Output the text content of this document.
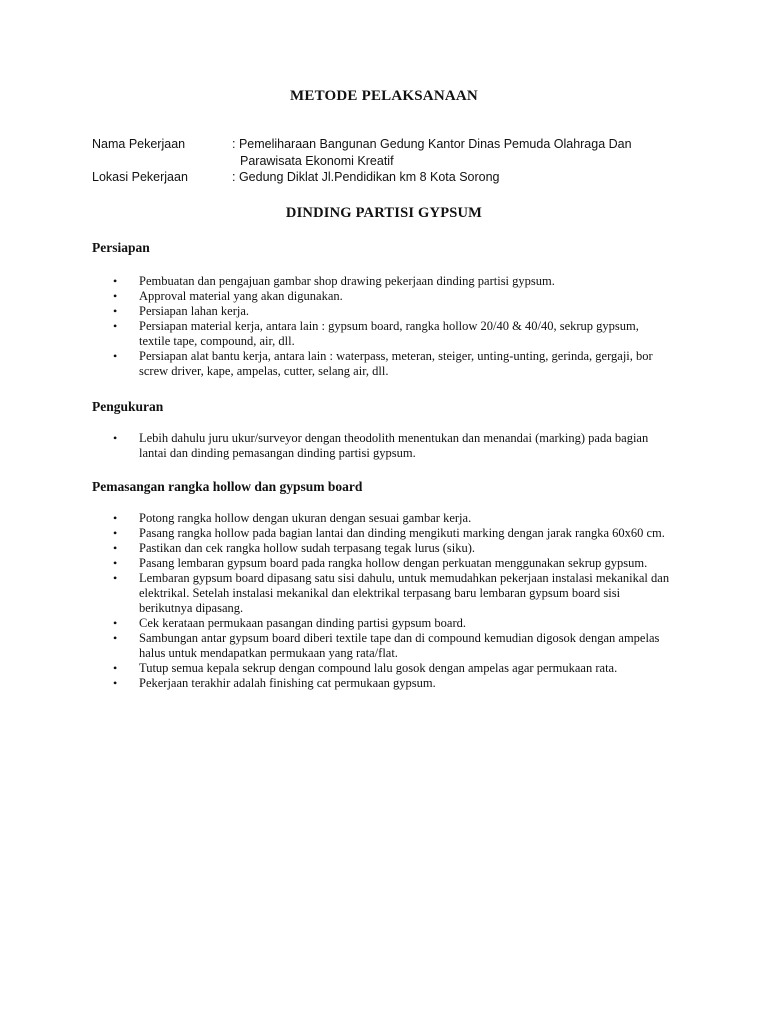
METODE PELAKSANAAN
Nama Pekerjaan	: Pemeliharaan Bangunan Gedung Kantor Dinas Pemuda Olahraga Dan
Parawisata Ekonomi Kreatif
Lokasi Pekerjaan	: Gedung Diklat Jl.Pendidikan km 8 Kota Sorong
DINDING PARTISI GYPSUM
Persiapan
• Pembuatan dan pengajuan gambar shop drawing pekerjaan dinding partisi gypsum.
• Approval material yang akan digunakan.
• Persiapan lahan kerja.
• Persiapan material kerja, antara lain : gypsum board, rangka hollow 20/40 & 40/40, sekrup gypsum, textile tape, compound, air, dll.
• Persiapan alat bantu kerja, antara lain : waterpass, meteran, steiger, unting-unting, gerinda, gergaji, bor screw driver, kape, ampelas, cutter, selang air, dll.
Pengukuran
• Lebih dahulu juru ukur/surveyor dengan theodolith menentukan dan menandai (marking) pada bagian lantai dan dinding pemasangan dinding partisi gypsum.
Pemasangan rangka hollow dan gypsum board
• Potong rangka hollow dengan ukuran dengan sesuai gambar kerja.
• Pasang rangka hollow pada bagian lantai dan dinding mengikuti marking dengan jarak rangka 60x60 cm.
• Pastikan dan cek rangka hollow sudah terpasang tegak lurus (siku).
• Pasang lembaran gypsum board pada rangka hollow dengan perkuatan menggunakan sekrup gypsum.
• Lembaran gypsum board dipasang satu sisi dahulu, untuk memudahkan pekerjaan instalasi mekanikal dan elektrikal. Setelah instalasi mekanikal dan elektrikal terpasang baru lembaran gypsum board sisi berikutnya dipasang.
• Cek kerataan permukaan pasangan dinding partisi gypsum board.
• Sambungan antar gypsum board diberi textile tape dan di compound kemudian digosok dengan ampelas halus untuk mendapatkan permukaan yang rata/flat.
• Tutup semua kepala sekrup dengan compound lalu gosok dengan ampelas agar permukaan rata.
• Pekerjaan terakhir adalah finishing cat permukaan gypsum.
